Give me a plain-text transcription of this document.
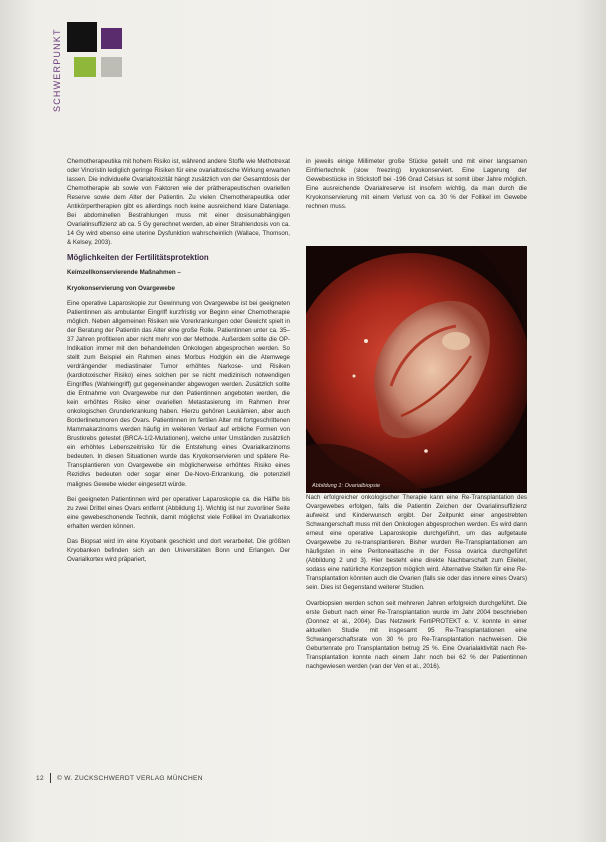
SCHWERPUNKT

Chemotherapeutika mit hohem Risiko ist, während andere Stoffe wie Methotrexat oder Vincristin lediglich geringe Risiken für eine ovarialtoxische Wirkung erwarten lassen. Die individuelle Ovarialtoxizität hängt zusätzlich von der Gesamtdosis der Chemotherapie ab sowie von Faktoren wie der prätherapeutischen ovariellen Reserve sowie dem Alter der Patientin. Zu vielen Chemotherapeutika oder Antikörpertherapien gibt es allerdings noch keine ausreichend klare Datenlage. Bei abdominellen Bestrahlungen muss mit einer dosisunabhängigen Ovarialinsuffizienz ab ca. 5 Gy gerechnet werden, ab einer Strahlendosis von ca. 14 Gy wird ebenso eine uterine Dysfunktion wahrscheinlich (Wallace, Thomson, & Kelsey, 2003).

Möglichkeiten der Fertilitätsprotektion

Keimzellkonservierende Maßnahmen –

Kryokonservierung von Ovargewebe

Eine operative Laparoskopie zur Gewinnung von Ovargewebe ist bei geeigneten Patientinnen als ambulanter Eingriff kurzfristig vor Beginn einer Chemotherapie möglich. Neben allgemeinen Risiken wie Vorerkrankungen oder Gewicht spielt in der Beratung der Patientin das Alter eine große Rolle. Patientinnen unter ca. 35–37 Jahren profitieren aber nicht mehr von der Methode. Außerdem sollte die OP-Indikation immer mit den behandelnden Onkologen abgesprochen werden. So stellt zum Beispiel ein Rahmen eines Morbus Hodgkin ein die Atemwege verdrängender mediastinaler Tumor erhöhtes Narkose- und Risiken (kardiotoxischer Risiko) eines solchen per se nicht medizinisch notwendigen Eingriffes (Wahleingriff) gut gegeneinander abgewogen werden. Zusätzlich sollte die Entnahme von Ovargewebe nur den Patientinnen angeboten werden, die kein erhöhtes Risiko einer ovariellen Metastasierung im Rahmen ihrer onkologischen Grunderkrankung haben. Hierzu gehören Leukämien, aber auch Borderlinetumoren des Ovars. Patientinnen im fertilen Alter mit fortgeschrittenen Mammakarzinoms werden häufig im weiteren Verlauf auf erbliche Formen von Brustkrebs getestet (BRCA-1/2-Mutationen), welche unter Umständen zusätzlich ein erhöhtes Lebenszeitrisiko für die Entstehung eines Ovarialkarzinoms bedeuten. In diesen Situationen wurde das Kryokonservieren und spätere Re-Transplantieren von Ovargewebe ein möglicherweise erhöhtes Risiko eines Rezidivs bedeuten oder sogar einer De-Novo-Erkrankung, die potenziell malignes Gewebe wieder eingesetzt würde.

Bei geeigneten Patientinnen wird per operativer Laparoskopie ca. die Hälfte bis zu zwei Drittel eines Ovars entfernt (Abbildung 1). Wichtig ist nur zuvorliner Seite eine gewebeschonende Technik, damit möglichst viele Follikel im Ovarialkortex erhalten werden können.

Das Biopsat wird im eine Kryobank geschickt und dort verarbeitet. Die größten Kryobanken befinden sich an den Universitäten Bonn und Erlangen. Der Ovarialkortex wird präpariert,

in jeweils einige Millimeter große Stücke geteilt und mit einer langsamen Einfriertechnik (slow freezing) kryokonserviert. Eine Lagerung der Gewebestücke in Stickstoff bei -196 Grad Celsius ist somit über Jahre möglich. Eine ausreichende Ovarialreserve ist insofern wichtig, da man durch die Kryokonservierung mit einem Verlust von ca. 30 % der Follikel im Gewebe rechnen muss.

Abbildung 1: Ovarialbiopsie

Nach erfolgreicher onkologischer Therapie kann eine Re-Transplantation des Ovargewebes erfolgen, falls die Patientin Zeichen der Ovarialinsuffizienz aufweist und Kinderwunsch ergibt. Der Zeitpunkt einer angestrebten Schwangerschaft muss mit den Onkologen abgesprochen werden. Es wird dann erneut eine operative Laparoskopie durchgeführt, um das aufgetaute Ovargewebe zu re-transplantieren. Bisher wurden Re-Transplantationen am häufigsten in eine Peritonealtasche in der Fossa ovarica durchgeführt (Abbildung 2 und 3). Hier besteht eine direkte Nachbarschaft zum Eileiter, sodass eine natürliche Konzeption möglich wird. Alternative Stellen für eine Re-Transplantation könnten auch die Ovarien (falls sie oder das innere eines Ovars) sein. Dies ist Gegenstand weiterer Studien.

Ovarbiopsien werden schon seit mehreren Jahren erfolgreich durchgeführt. Die erste Geburt nach einer Re-Transplantation wurde im Jahr 2004 beschrieben (Donnez et al., 2004). Das Netzwerk FertiPROTEKT e. V. konnte in einer aktuellen Studie mit insgesamt 95 Re-Transplantationen eine Schwangerschaftsrate von 30 % pro Re-Transplantation nachweisen. Die Geburtenrate pro Transplantation betrug 25 %. Eine Ovarialaktivität nach Re-Transplantation konnte nach einem Jahr noch bei 62 % der Patientinnen nachgewiesen werden (van der Ven et al., 2016).

12 © W. ZUCKSCHWERDT VERLAG MÜNCHEN
